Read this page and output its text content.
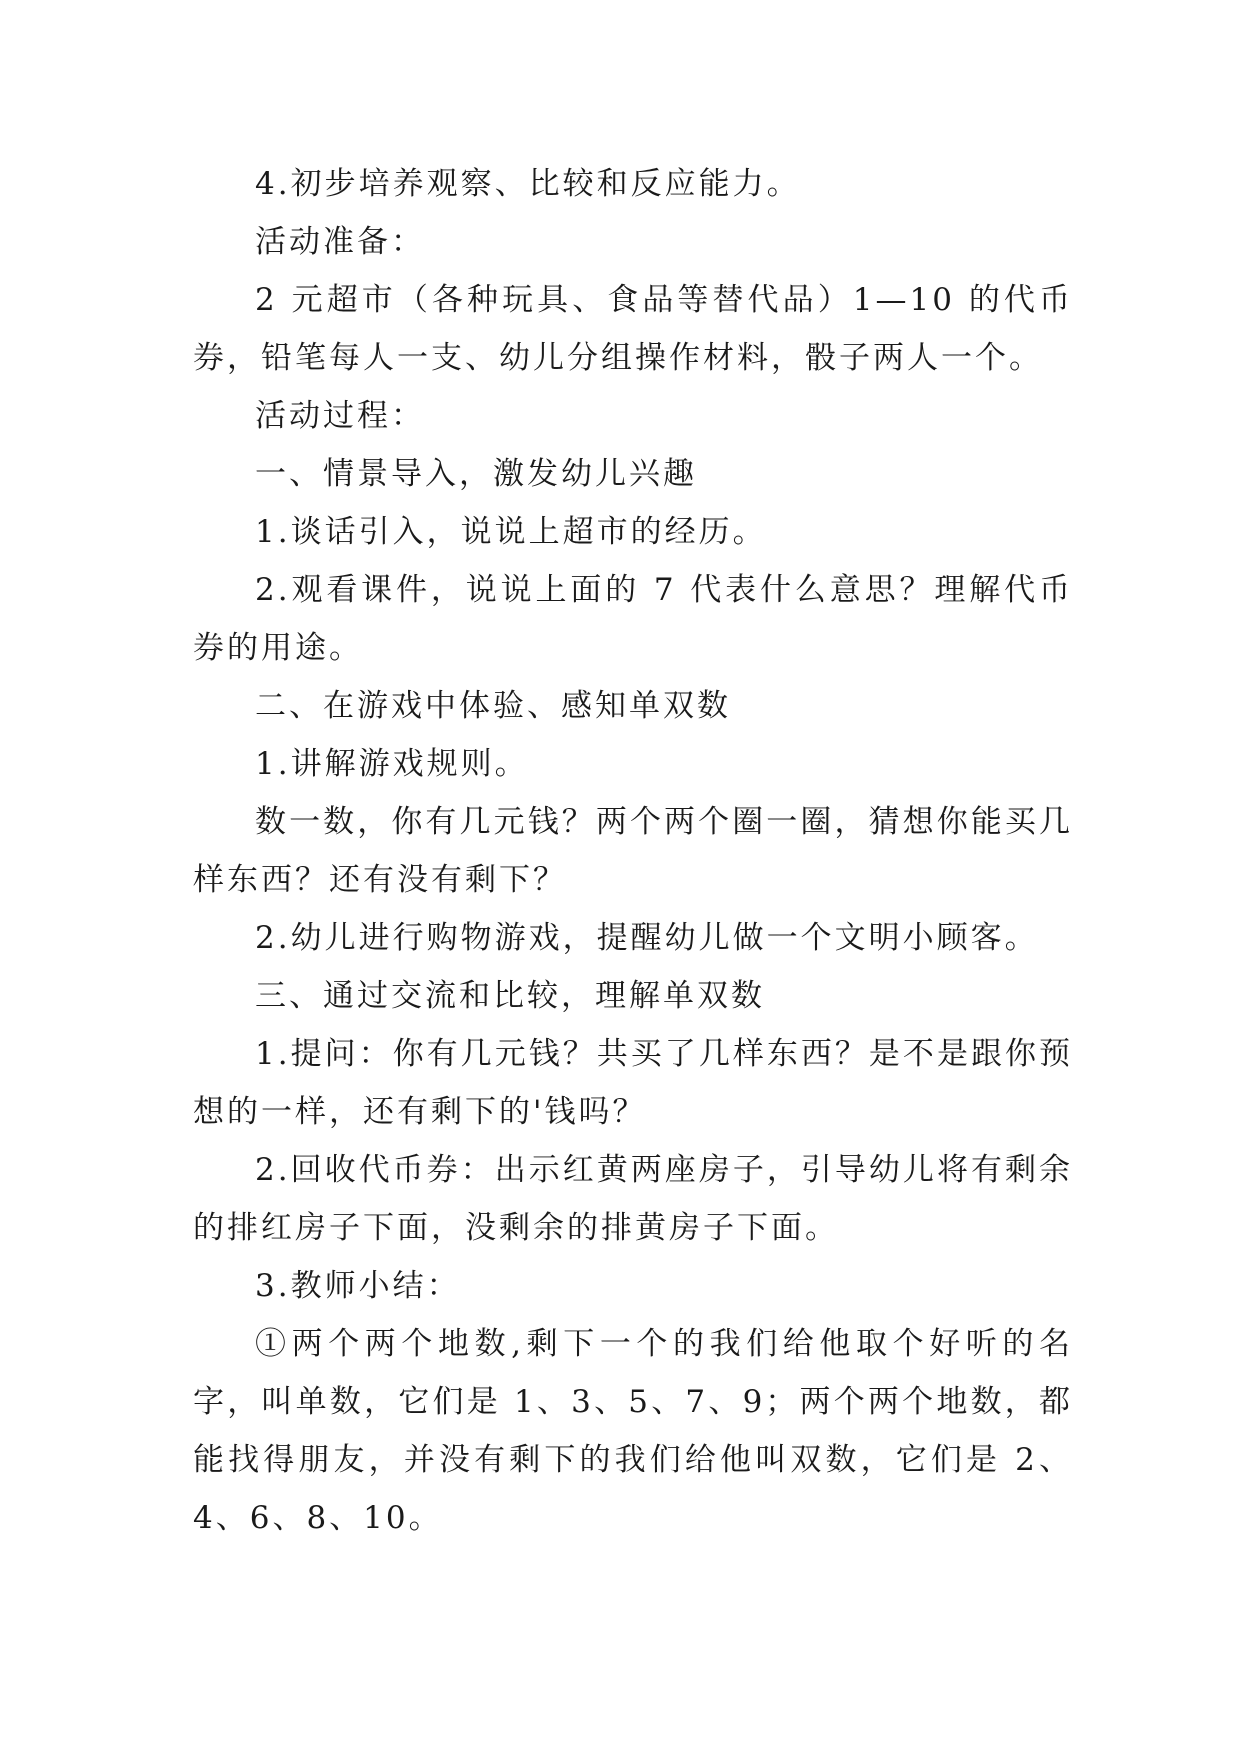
4.初步培养观察、比较和反应能力。

活动准备：

2 元超市（各种玩具、食品等替代品）1—10 的代币券，铅笔每人一支、幼儿分组操作材料，骰子两人一个。

活动过程：

一、情景导入，激发幼儿兴趣

1.谈话引入，说说上超市的经历。

2.观看课件，说说上面的 7 代表什么意思？理解代币券的用途。

二、在游戏中体验、感知单双数

1.讲解游戏规则。

数一数，你有几元钱？两个两个圈一圈，猜想你能买几样东西？还有没有剩下？

2.幼儿进行购物游戏，提醒幼儿做一个文明小顾客。

三、通过交流和比较，理解单双数

1.提问：你有几元钱？共买了几样东西？是不是跟你预想的一样，还有剩下的'钱吗？

2.回收代币券：出示红黄两座房子，引导幼儿将有剩余的排红房子下面，没剩余的排黄房子下面。

3.教师小结：

①两个两个地数,剩下一个的我们给他取个好听的名字，叫单数，它们是 1、3、5、7、9；两个两个地数，都能找得朋友，并没有剩下的我们给他叫双数，它们是 2、4、6、8、10。
